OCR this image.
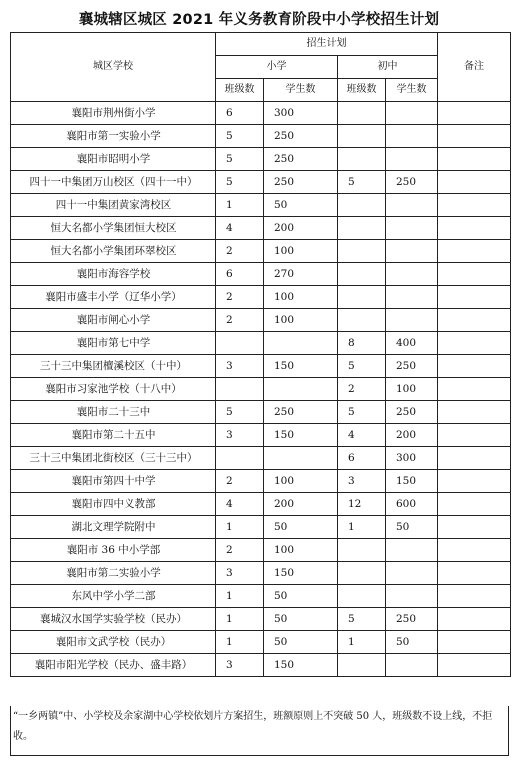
襄城辖区城区 2021 年义务教育阶段中小学校招生计划
城区学校	招生计划				备注
	小学		初中		
	班级数	学生数	班级数	学生数	
襄阳市荆州街小学	6	300			
襄阳市第一实验小学	5	250			
襄阳市昭明小学	5	250			
四十一中集团万山校区（四十一中）	5	250	5	250	
四十一中集团黄家湾校区	1	50			
恒大名都小学集团恒大校区	4	200			
恒大名都小学集团环翠校区	2	100			
襄阳市海容学校	6	270			
襄阳市盛丰小学（辽华小学）	2	100			
襄阳市闸心小学	2	100			
襄阳市第七中学			8	400	
三十三中集团檀溪校区（十中）	3	150	5	250	
襄阳市习家池学校（十八中）			2	100	
襄阳市二十三中	5	250	5	250	
襄阳市第二十五中	3	150	4	200	
三十三中集团北街校区（三十三中）			6	300	
襄阳市第四十中学	2	100	3	150	
襄阳市四中义教部	4	200	12	600	
湖北文理学院附中	1	50	1	50	
襄阳市 36 中小学部	2	100			
襄阳市第二实验小学	3	150			
东风中学小学二部	1	50			
襄城汉水国学实验学校（民办）	1	50	5	250	
襄阳市文武学校（民办）	1	50	1	50	
襄阳市阳光学校（民办、盛丰路）	3	150			
“一乡两镇”中、小学校及余家湖中心学校依划片方案招生，班额原则上不突破 50 人，班级数不设上线，不拒收。
